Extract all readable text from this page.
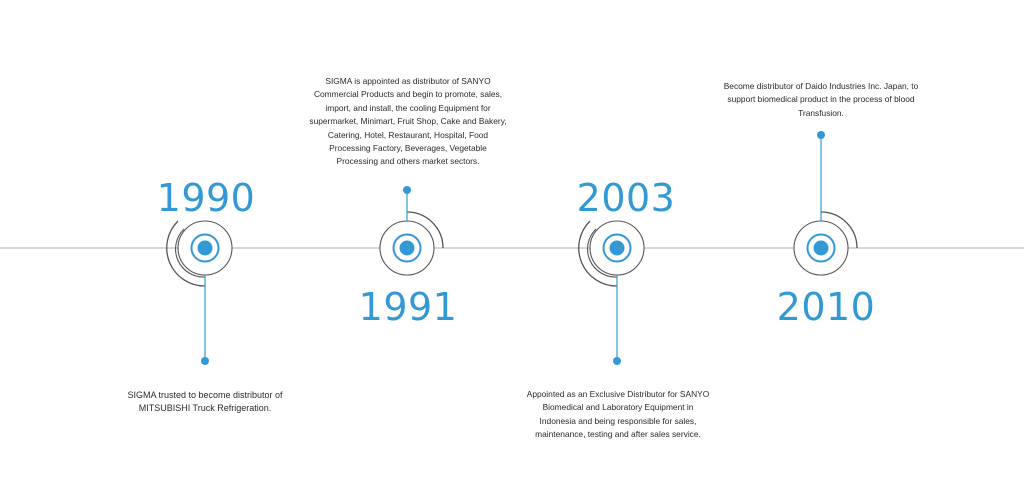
1990
1991
2003
2010
SIGMA trusted to become distributor of MITSUBISHI Truck Refrigeration.
SIGMA is appointed as distributor of SANYO Commercial Products and begin to promote, sales, import, and install, the cooling Equipment for supermarket, Minimart, Fruit Shop, Cake and Bakery, Catering, Hotel, Restaurant, Hospital, Food Processing Factory, Beverages, Vegetable Processing and others market sectors.
Appointed as an Exclusive Distributor for SANYO Biomedical and Laboratory Equipment in Indonesia and being responsible for sales, maintenance, testing and after sales service.
Become distributor of Daido Industries Inc. Japan, to support biomedical product in the process of blood Transfusion.
